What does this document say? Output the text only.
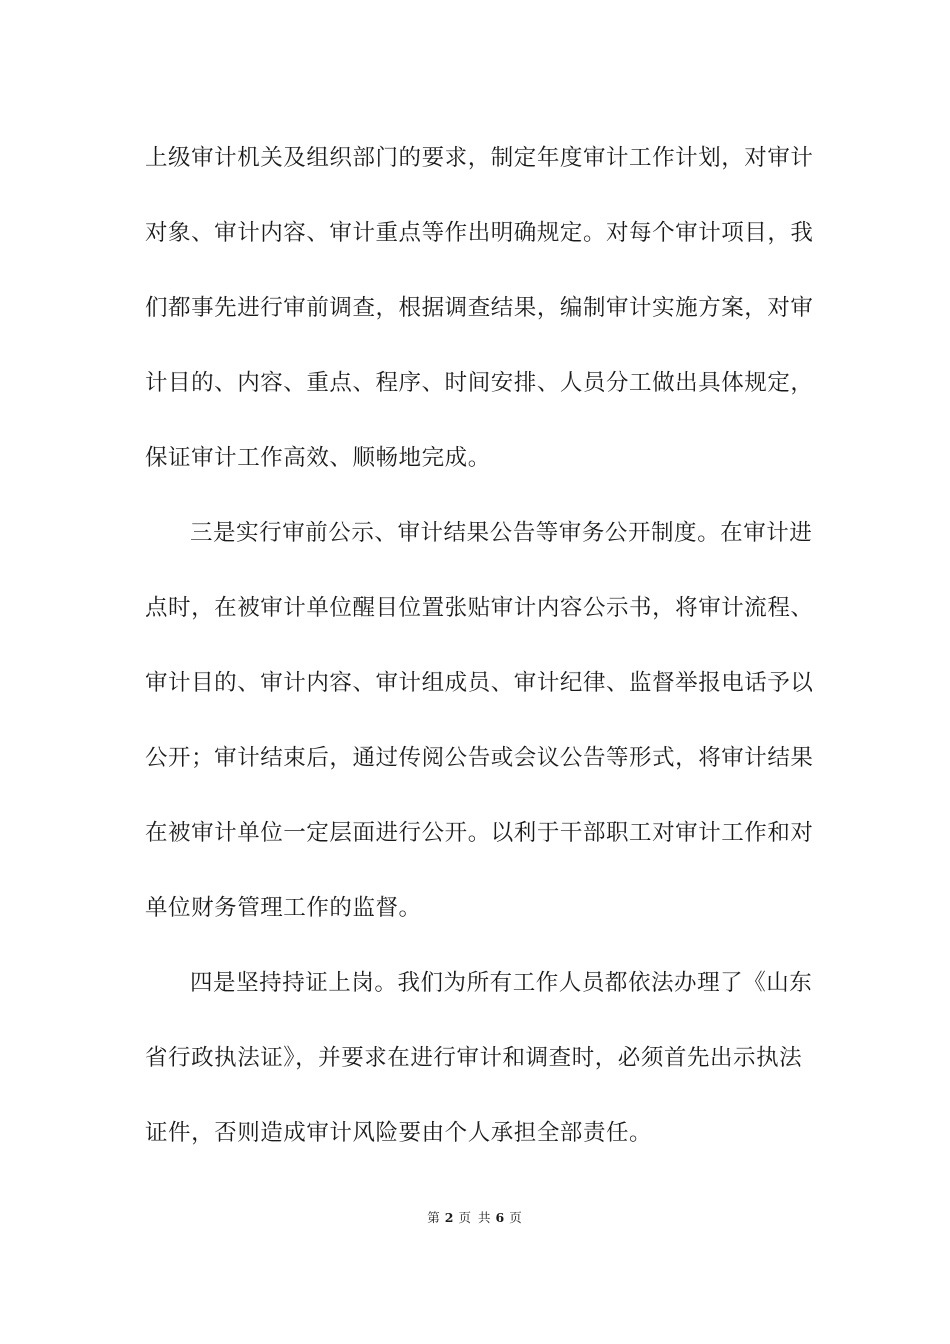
上级审计机关及组织部门的要求，制定年度审计工作计划，对审计
对象、审计内容、审计重点等作出明确规定。对每个审计项目，我
们都事先进行审前调查，根据调查结果，编制审计实施方案，对审
计目的、内容、重点、程序、时间安排、人员分工做出具体规定，
保证审计工作高效、顺畅地完成。
三是实行审前公示、审计结果公告等审务公开制度。在审计进
点时，在被审计单位醒目位置张贴审计内容公示书，将审计流程、
审计目的、审计内容、审计组成员、审计纪律、监督举报电话予以
公开；审计结束后，通过传阅公告或会议公告等形式，将审计结果
在被审计单位一定层面进行公开。以利于干部职工对审计工作和对
单位财务管理工作的监督。
四是坚持持证上岗。我们为所有工作人员都依法办理了《山东
省行政执法证》，并要求在进行审计和调查时，必须首先出示执法
证件，否则造成审计风险要由个人承担全部责任。
第 2 页 共 6 页
